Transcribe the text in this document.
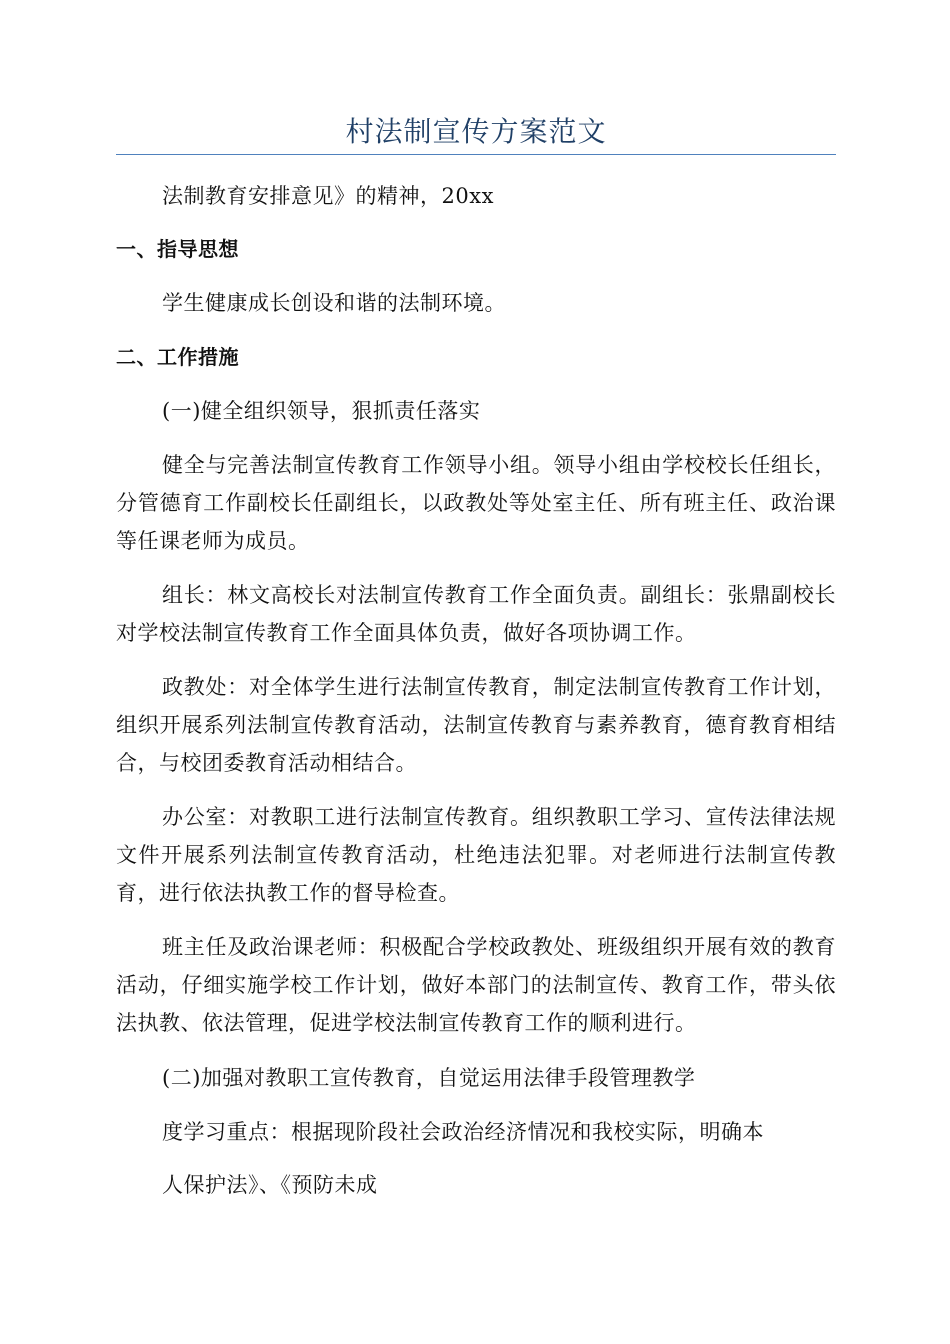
村法制宣传方案范文

法制教育安排意见》的精神，20xx

一、指导思想

学生健康成长创设和谐的法制环境。

二、工作措施

(一)健全组织领导，狠抓责任落实

健全与完善法制宣传教育工作领导小组。领导小组由学校校长任组长，分管德育工作副校长任副组长，以政教处等处室主任、所有班主任、政治课等任课老师为成员。

组长：林文高校长对法制宣传教育工作全面负责。副组长：张鼎副校长对学校法制宣传教育工作全面具体负责，做好各项协调工作。

政教处：对全体学生进行法制宣传教育，制定法制宣传教育工作计划，组织开展系列法制宣传教育活动，法制宣传教育与素养教育，德育教育相结合，与校团委教育活动相结合。

办公室：对教职工进行法制宣传教育。组织教职工学习、宣传法律法规文件开展系列法制宣传教育活动，杜绝违法犯罪。对老师进行法制宣传教育，进行依法执教工作的督导检查。

班主任及政治课老师：积极配合学校政教处、班级组织开展有效的教育活动，仔细实施学校工作计划，做好本部门的法制宣传、教育工作，带头依法执教、依法管理，促进学校法制宣传教育工作的顺利进行。

(二)加强对教职工宣传教育，自觉运用法律手段管理教学

度学习重点：根据现阶段社会政治经济情况和我校实际，明确本

人保护法》、《预防未成
